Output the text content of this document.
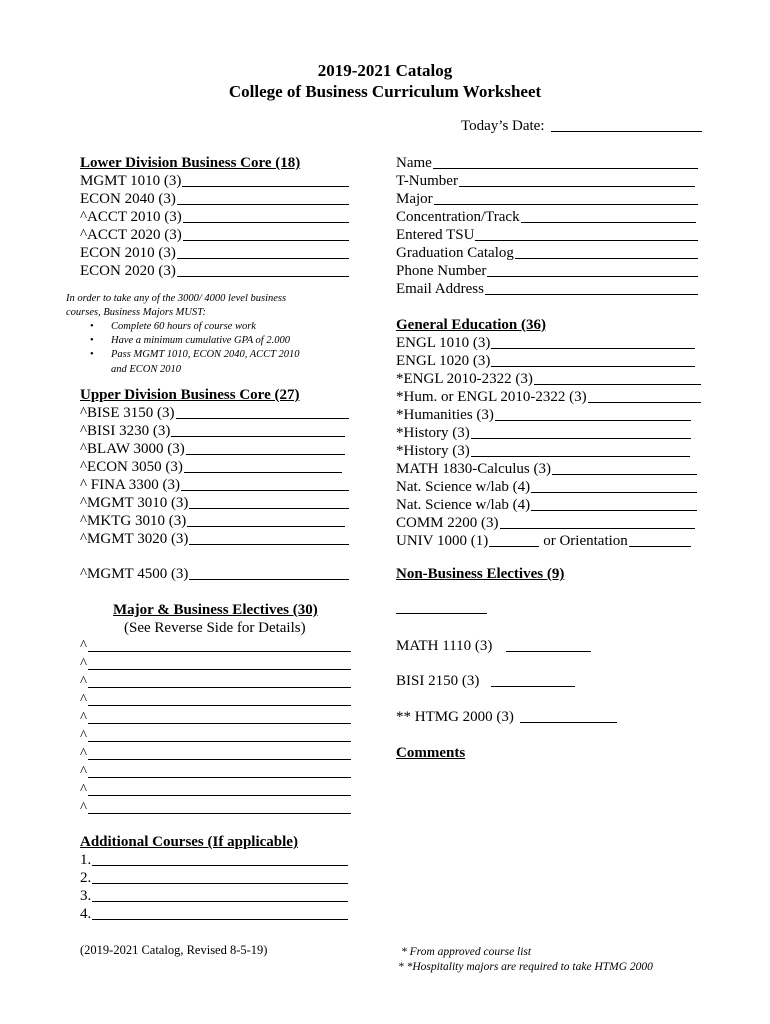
2019-2021 Catalog
College of Business Curriculum Worksheet
Today’s Date:
Lower Division Business Core (18)
MGMT 1010 (3)
ECON 2040 (3)
^ACCT 2010 (3)
^ACCT 2020 (3)
ECON 2010 (3)
ECON 2020 (3)
In order to take any of the 3000/ 4000 level business
courses, Business Majors MUST:
• Complete 60 hours of course work
• Have a minimum cumulative GPA of 2.000
• Pass MGMT 1010, ECON 2040, ACCT 2010
and ECON 2010
Upper Division Business Core (27)
^BISE 3150 (3)
^BISI 3230 (3)
^BLAW 3000 (3)
^ECON 3050 (3)
^ FINA 3300 (3)
^MGMT 3010 (3)
^MKTG 3010 (3)
^MGMT 3020 (3)
^MGMT 4500 (3)
Major & Business Electives (30)
(See Reverse Side for Details)
^
^
^
^
^
^
^
^
^
^
Additional Courses (If applicable)
1.
2.
3.
4.
Name
T-Number
Major
Concentration/Track
Entered TSU
Graduation Catalog
Phone Number
Email Address
General Education (36)
ENGL 1010 (3)
ENGL 1020 (3)
*ENGL 2010-2322 (3)
*Hum. or ENGL 2010-2322 (3)
*Humanities (3)
*History (3)
*History (3)
MATH 1830-Calculus (3)
Nat. Science w/lab (4)
Nat. Science w/lab (4)
COMM 2200 (3)
UNIV 1000 (1)	or Orientation
Non-Business Electives (9)
MATH 1110 (3)
BISI 2150 (3)
** HTMG 2000 (3)
Comments
(2019-2021 Catalog, Revised 8-5-19)	* From approved course list
* *Hospitality majors are required to take HTMG 2000
